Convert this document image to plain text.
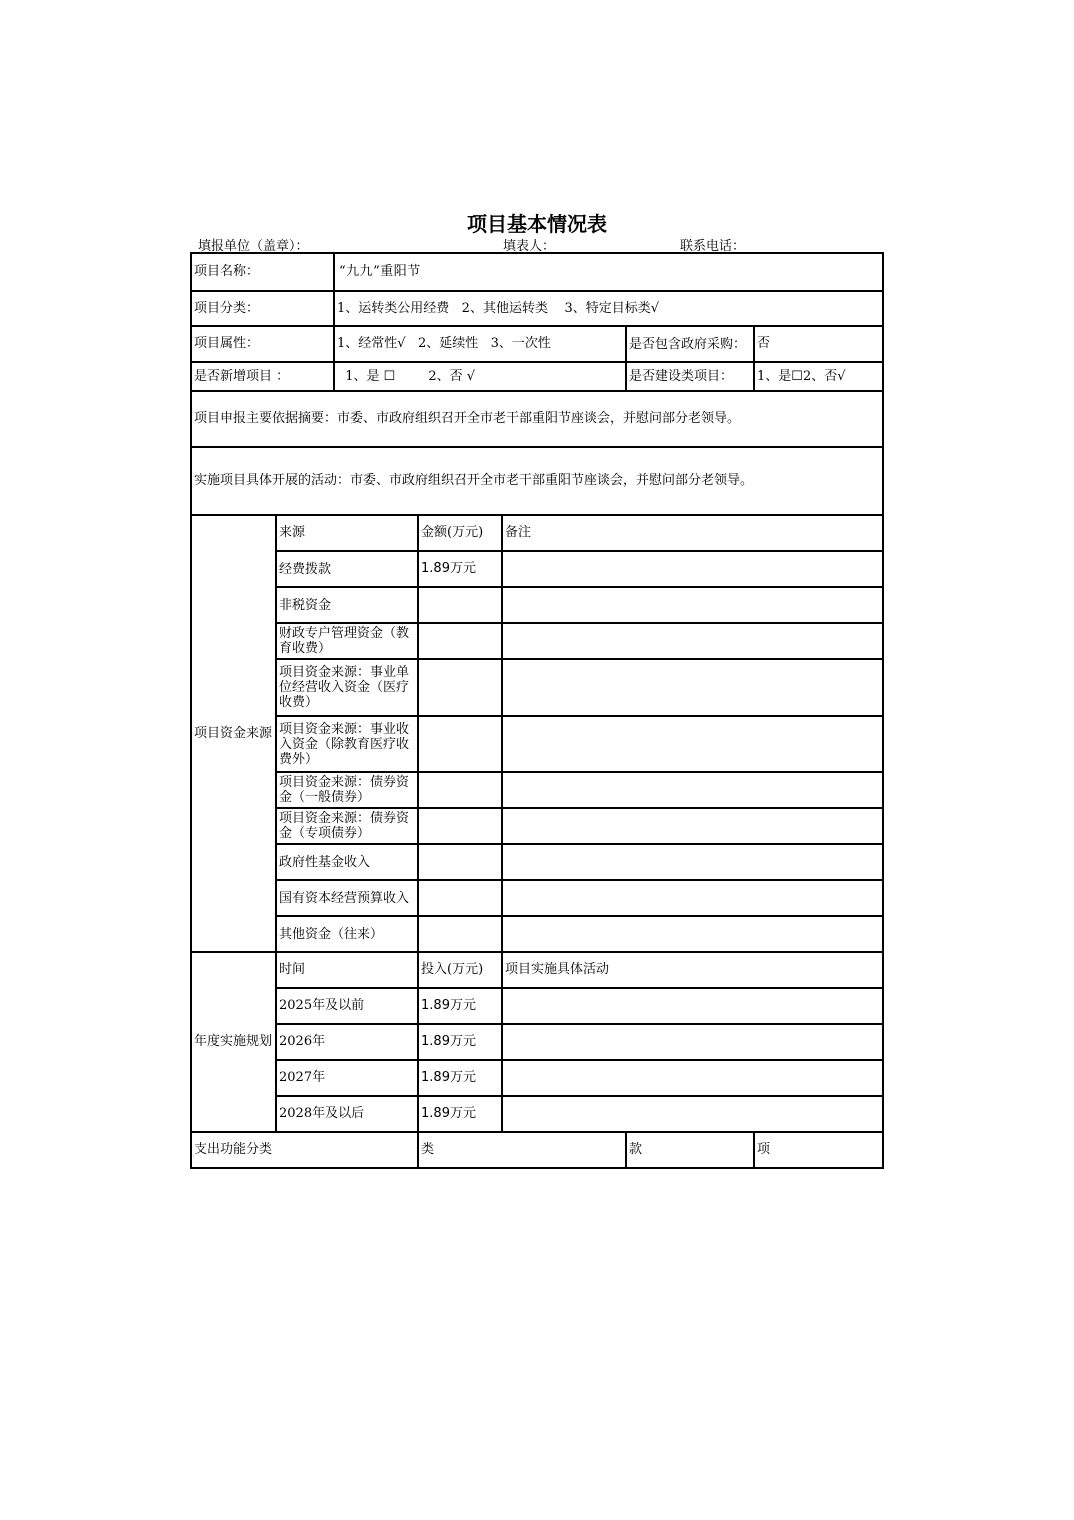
项目基本情况表
填报单位（盖章）：	填表人：	联系电话：
项目名称：		“九九”重阳节				
项目分类：		1、运转类公用经费   2、其他运转类    3、特定目标类√				
项目属性：		1、经常性√   2、延续性   3、一次性			是否包含政府采购：	否
是否新增项目 ：		1、是 ☐        2、否 √			是否建设类项目：	1、是☐2、否√
项目申报主要依据摘要：市委、市政府组织召开全市老干部重阳节座谈会，并慰问部分老领导。						
实施项目具体开展的活动：市委、市政府组织召开全市老干部重阳节座谈会，并慰问部分老领导。						
项目资金来源	来源		金额(万元)	备注		
	经费拨款		1.89万元			
	非税资金					
	财政专户管理资金（教育收费）					
	项目资金来源：事业单位经营收入资金（医疗收费）					
	项目资金来源：事业收入资金（除教育医疗收费外）					
	项目资金来源：债券资金（一般债券）					
	项目资金来源：债券资金（专项债券）					
	政府性基金收入					
	国有资本经营预算收入					
	其他资金（往来）					
年度实施规划	时间		投入(万元)	项目实施具体活动		
	2025年及以前		1.89万元			
	2026年		1.89万元			
	2027年		1.89万元			
	2028年及以后		1.89万元			
支出功能分类			类		款	项
